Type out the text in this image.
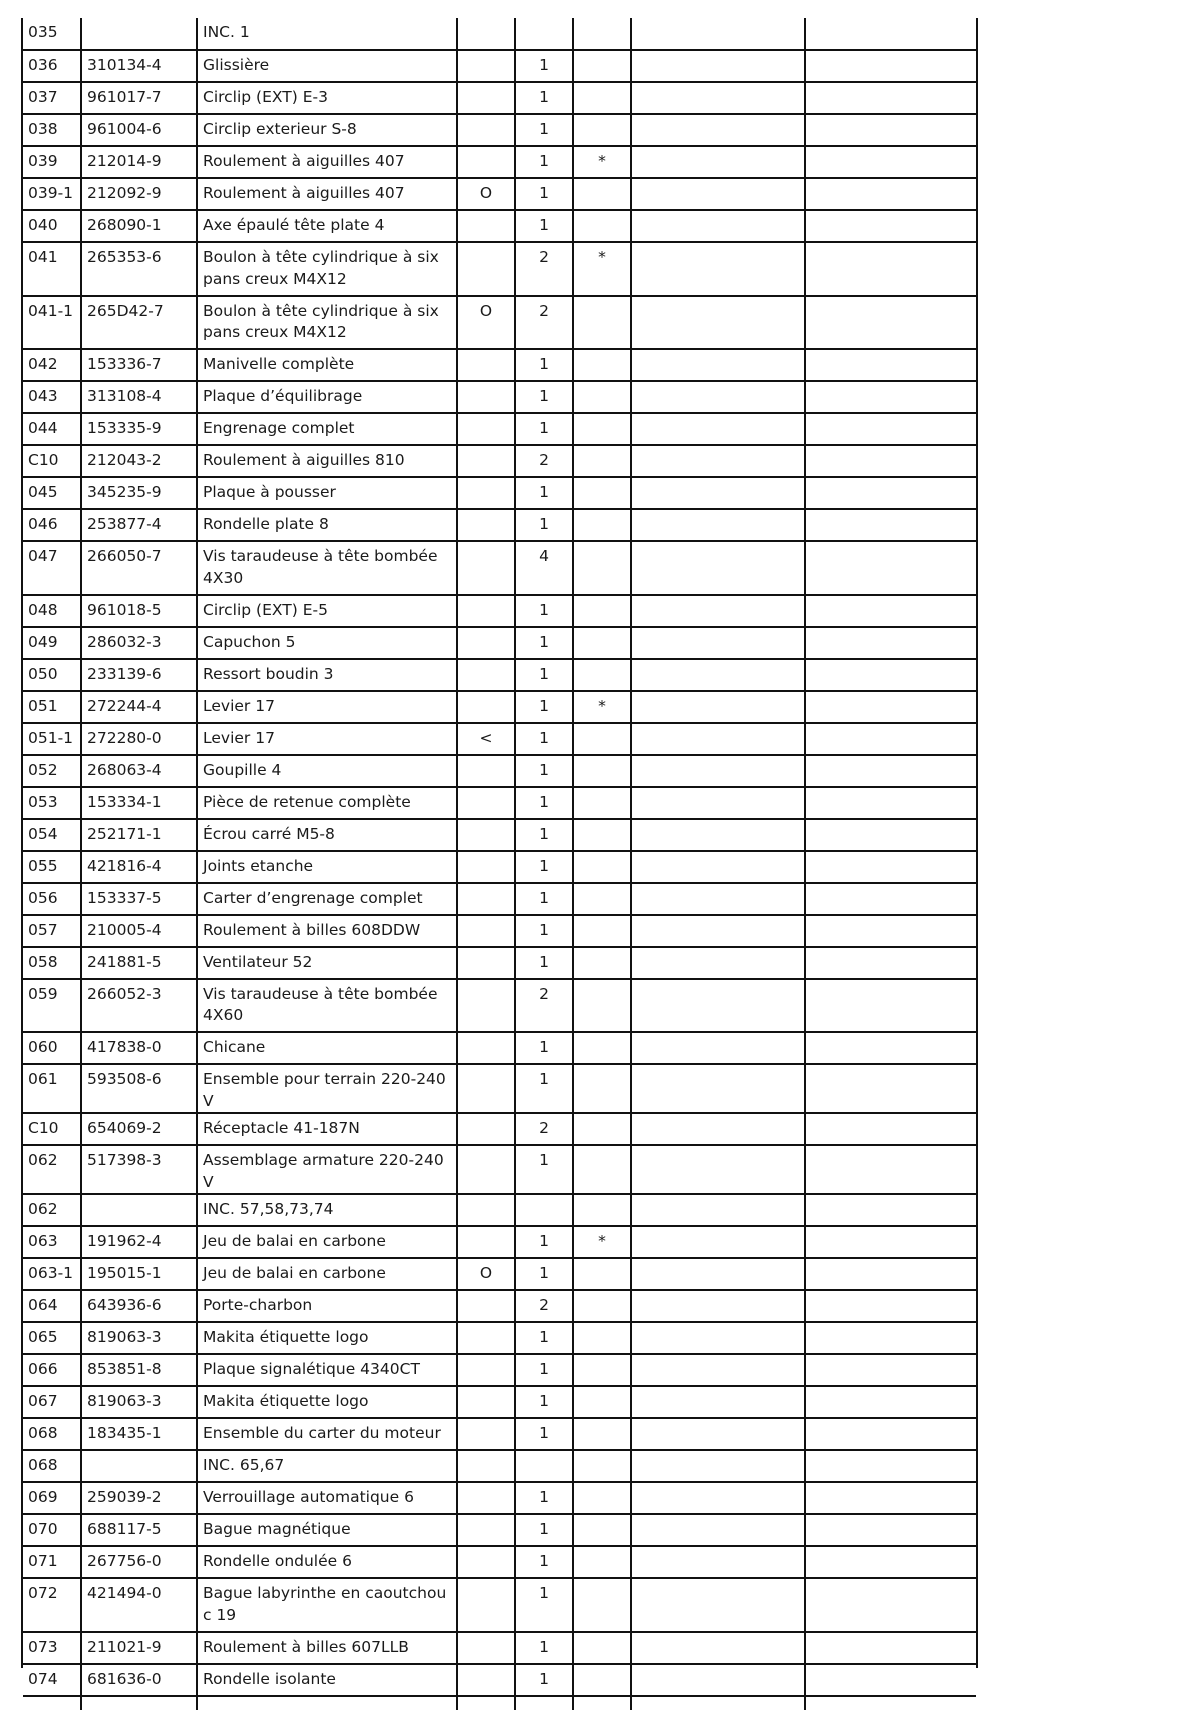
035		INC. 1					
036	310134-4	Glissière		1			
037	961017-7	Circlip (EXT) E-3		1			
038	961004-6	Circlip exterieur S-8		1			
039	212014-9	Roulement à aiguilles 407		1	*		
039-1	212092-9	Roulement à aiguilles 407	O	1			
040	268090-1	Axe épaulé tête plate 4		1			
041	265353-6	Boulon à tête cylindrique à six pans creux M4X12		2	*		
041-1	265D42-7	Boulon à tête cylindrique à six pans creux M4X12	O	2			
042	153336-7	Manivelle complète		1			
043	313108-4	Plaque d’équilibrage		1			
044	153335-9	Engrenage complet		1			
C10	212043-2	Roulement à aiguilles 810		2			
045	345235-9	Plaque à pousser		1			
046	253877-4	Rondelle plate 8		1			
047	266050-7	Vis taraudeuse à tête bombée 4X30		4			
048	961018-5	Circlip (EXT) E-5		1			
049	286032-3	Capuchon 5		1			
050	233139-6	Ressort boudin 3		1			
051	272244-4	Levier 17		1	*		
051-1	272280-0	Levier 17	<	1			
052	268063-4	Goupille 4		1			
053	153334-1	Pièce de retenue complète		1			
054	252171-1	Écrou carré M5-8		1			
055	421816-4	Joints etanche		1			
056	153337-5	Carter d’engrenage complet		1			
057	210005-4	Roulement à billes 608DDW		1			
058	241881-5	Ventilateur 52		1			
059	266052-3	Vis taraudeuse à tête bombée 4X60		2			
060	417838-0	Chicane		1			
061	593508-6	Ensemble pour terrain 220-240V		1			
C10	654069-2	Réceptacle 41-187N		2			
062	517398-3	Assemblage armature 220-240V		1			
062		INC. 57,58,73,74					
063	191962-4	Jeu de balai en carbone		1	*		
063-1	195015-1	Jeu de balai en carbone	O	1			
064	643936-6	Porte-charbon		2			
065	819063-3	Makita étiquette logo		1			
066	853851-8	Plaque signalétique 4340CT		1			
067	819063-3	Makita étiquette logo		1			
068	183435-1	Ensemble du carter du moteur		1			
068		INC. 65,67					
069	259039-2	Verrouillage automatique 6		1			
070	688117-5	Bague magnétique		1			
071	267756-0	Rondelle ondulée 6		1			
072	421494-0	Bague labyrinthe en caoutchouc 19		1			
073	211021-9	Roulement à billes 607LLB		1			
074	681636-0	Rondelle isolante		1			
